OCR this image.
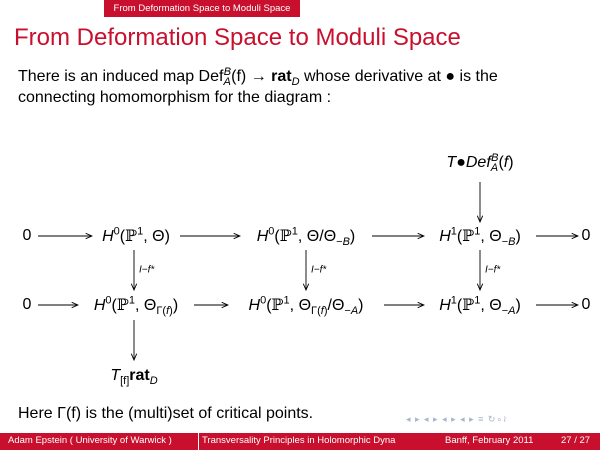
From Deformation Space to Moduli Space
From Deformation Space to Moduli Space
There is an induced map Def$_A^B$(f) → rat$_D$ whose derivative at ● is the
connecting homomorphism for the diagram :
0	$H^0(ℙ^1$, Θ)	$H^0(ℙ^1$, $\Theta/\Theta_{-B}$)	$H^1(ℙ^1$, $\Theta_{-B}$)	0
0	$H^0(ℙ^1$, $\Theta_{\Gamma(f)}$)	$H^0(ℙ^1$, $\Theta_{\Gamma(f)}/\Theta_{-A}$)	$H^1(ℙ^1$, $\Theta_{-A}$)	0
I−f*	I−f*	I−f*
T●Def$_A^B$(f)
$T_{[f]}rat_D$
Here Γ(f) is the (multi)set of critical points.	◂ ▸ ◂ ▸ ◂ ▸ ◂ ▸ ≡ ↻∘≀
Adam Epstein ( University of Warwick )	Transversality Principles in Holomorphic Dyna	Banff, February 2011	27 / 27
